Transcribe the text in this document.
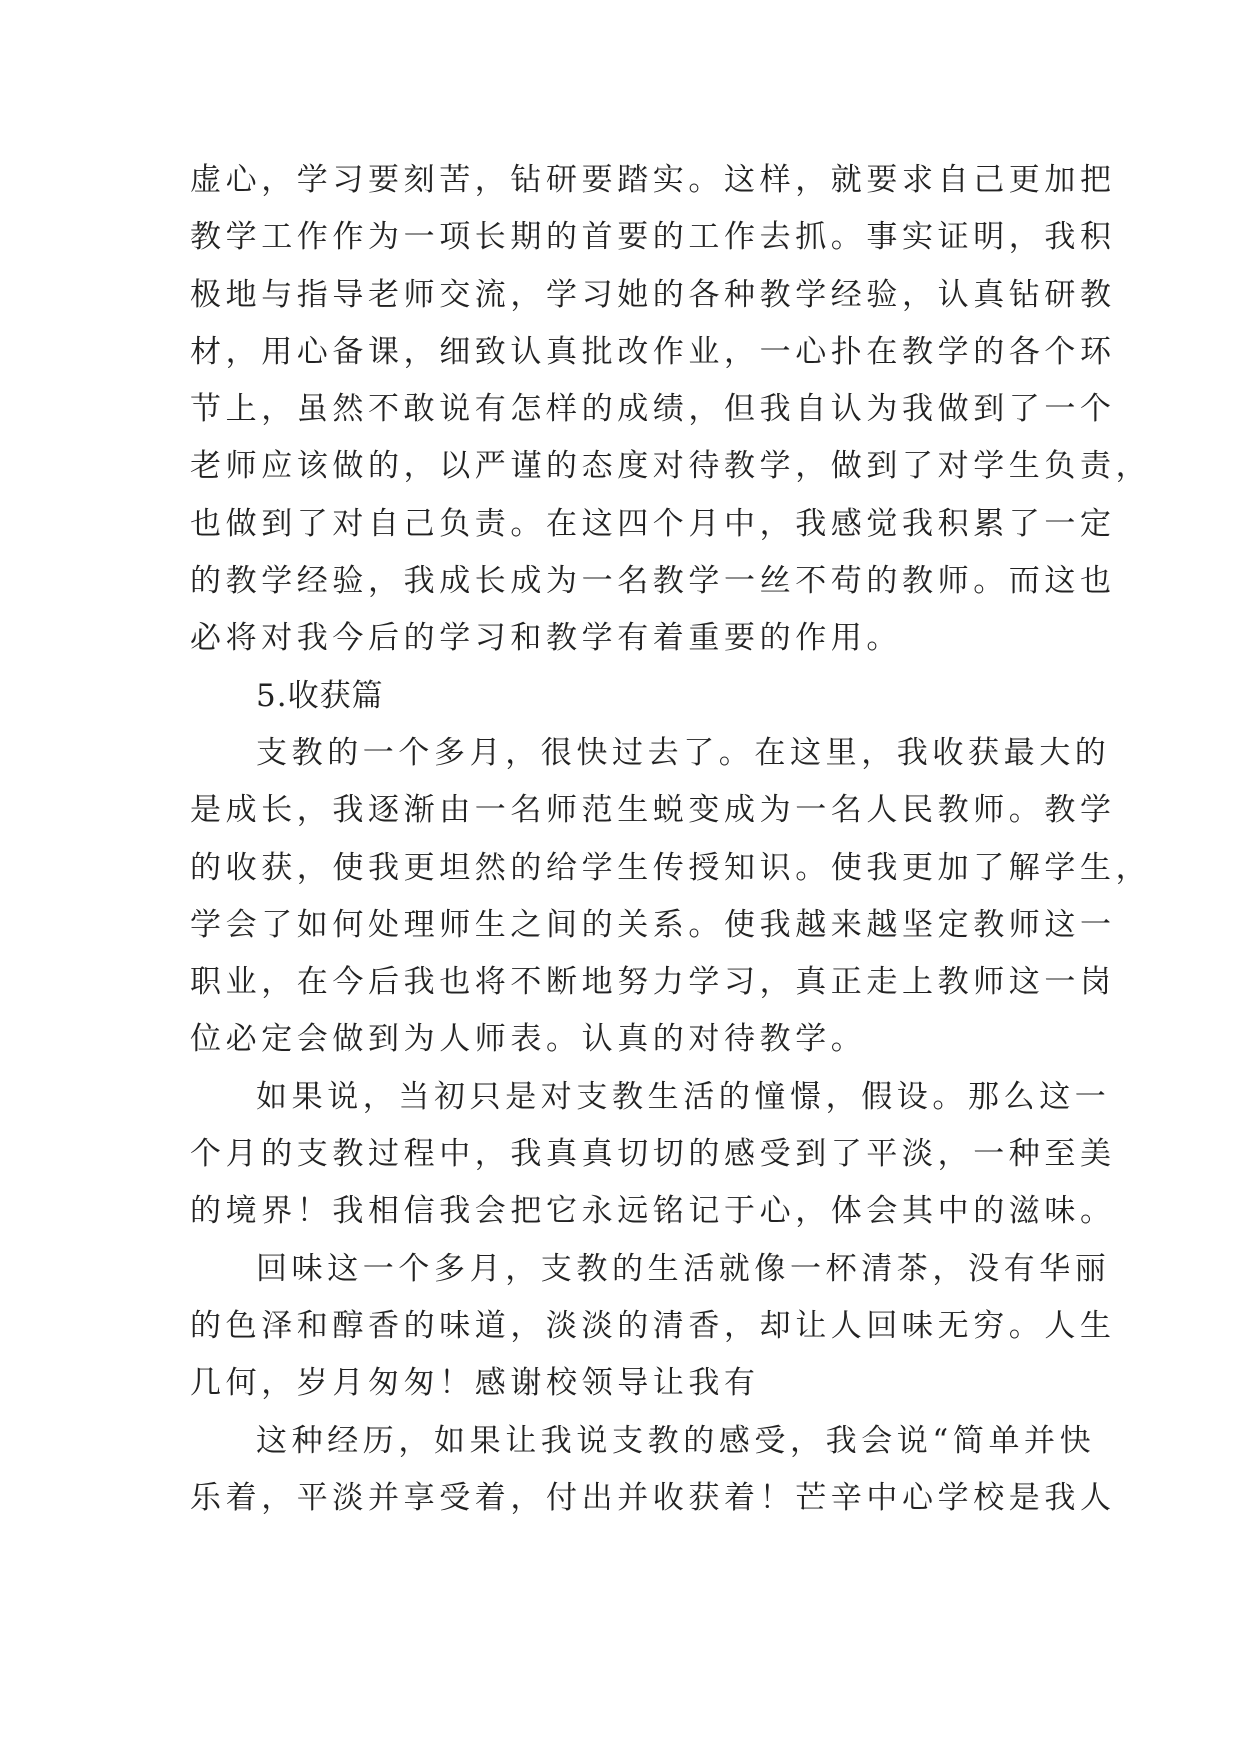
虚心，学习要刻苦，钻研要踏实。这样，就要求自己更加把
教学工作作为一项长期的首要的工作去抓。事实证明，我积
极地与指导老师交流，学习她的各种教学经验，认真钻研教
材，用心备课，细致认真批改作业，一心扑在教学的各个环
节上，虽然不敢说有怎样的成绩，但我自认为我做到了一个
老师应该做的，以严谨的态度对待教学，做到了对学生负责，
也做到了对自己负责。在这四个月中，我感觉我积累了一定
的教学经验，我成长成为一名教学一丝不苟的教师。而这也
必将对我今后的学习和教学有着重要的作用。
5.收获篇
支教的一个多月，很快过去了。在这里，我收获最大的
是成长，我逐渐由一名师范生蜕变成为一名人民教师。教学
的收获，使我更坦然的给学生传授知识。使我更加了解学生，
学会了如何处理师生之间的关系。使我越来越坚定教师这一
职业，在今后我也将不断地努力学习，真正走上教师这一岗
位必定会做到为人师表。认真的对待教学。
如果说，当初只是对支教生活的憧憬，假设。那么这一
个月的支教过程中，我真真切切的感受到了平淡，一种至美
的境界！我相信我会把它永远铭记于心，体会其中的滋味。
回味这一个多月，支教的生活就像一杯清茶，没有华丽
的色泽和醇香的味道，淡淡的清香，却让人回味无穷。人生
几何，岁月匆匆！感谢校领导让我有
这种经历，如果让我说支教的感受，我会说“简单并快
乐着，平淡并享受着，付出并收获着！芒辛中心学校是我人
